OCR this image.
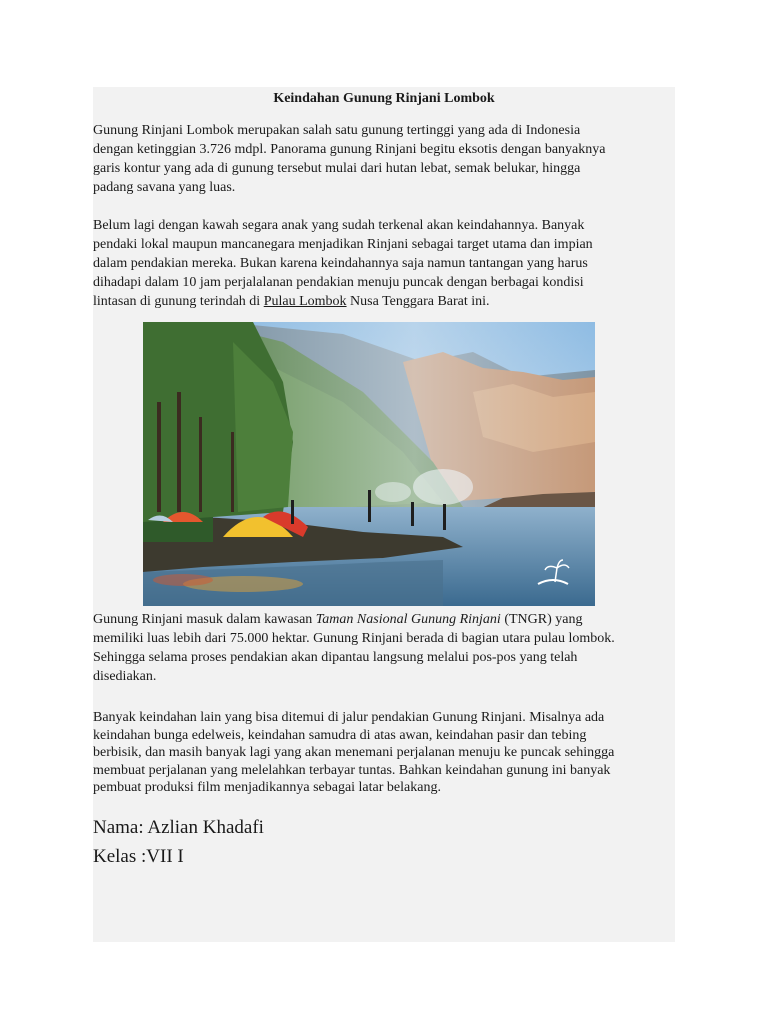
Keindahan Gunung Rinjani Lombok

Gunung Rinjani Lombok merupakan salah satu gunung tertinggi yang ada di Indonesia
dengan ketinggian 3.726 mdpl. Panorama gunung Rinjani begitu eksotis dengan banyaknya
garis kontur yang ada di gunung tersebut mulai dari hutan lebat, semak belukar, hingga
padang savana yang luas.

Belum lagi dengan kawah segara anak yang sudah terkenal akan keindahannya. Banyak
pendaki lokal maupun mancanegara menjadikan Rinjani sebagai target utama dan impian
dalam pendakian mereka. Bukan karena keindahannya saja namun tantangan yang harus
dihadapi dalam 10 jam perjalalanan pendakian menuju puncak dengan berbagai kondisi
lintasan di gunung terindah di Pulau Lombok Nusa Tenggara Barat ini.

Gunung Rinjani masuk dalam kawasan Taman Nasional Gunung Rinjani (TNGR) yang
memiliki luas lebih dari 75.000 hektar. Gunung Rinjani berada di bagian utara pulau lombok.
Sehingga selama proses pendakian akan dipantau langsung melalui pos-pos yang telah
disediakan.

Banyak keindahan lain yang bisa ditemui di jalur pendakian Gunung Rinjani. Misalnya ada
keindahan bunga edelweis, keindahan samudra di atas awan, keindahan pasir dan tebing
berbisik, dan masih banyak lagi yang akan menemani perjalanan menuju ke puncak sehingga
membuat perjalanan yang melelahkan terbayar tuntas. Bahkan keindahan gunung ini banyak
pembuat produksi film menjadikannya sebagai latar belakang.

Nama: Azlian Khadafi
Kelas :VII I
